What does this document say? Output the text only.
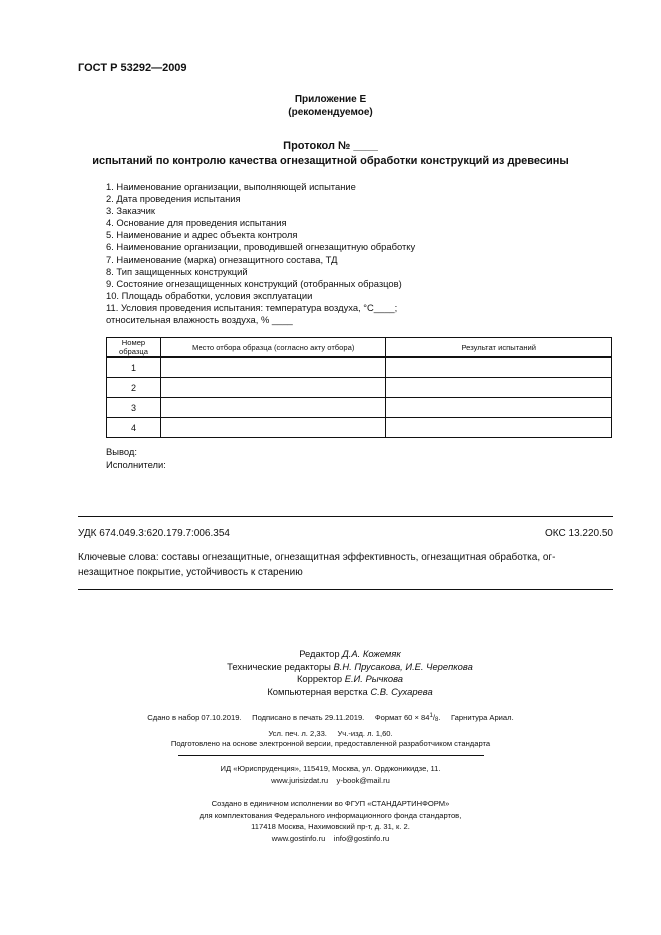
ГОСТ Р 53292—2009
Приложение Е
(рекомендуемое)
Протокол № ____
испытаний по контролю качества огнезащитной обработки конструкций из древесины
1. Наименование организации, выполняющей испытание
2. Дата проведения испытания
3. Заказчик
4. Основание для проведения испытания
5. Наименование и адрес объекта контроля
6. Наименование организации, проводившей огнезащитную обработку
7. Наименование (марка) огнезащитного состава, ТД
8. Тип защищенных конструкций
9. Состояние огнезащищенных конструкций (отобранных образцов)
10. Площадь обработки, условия эксплуатации
11. Условия проведения испытания: температура воздуха, °С____;
относительная влажность воздуха, % ____
Номер образца	Место отбора образца (согласно акту отбора)	Результат испытаний
1		
2		
3		
4		
Вывод:
Исполнители:
УДК 674.049.3:620.179.7:006.354	ОКС 13.220.50
Ключевые слова: составы огнезащитные, огнезащитная эффективность, огнезащитная обработка, ог-
незащитное покрытие, устойчивость к старению
Редактор Д.А. Кожемяк
Технические редакторы В.Н. Прусакова, И.Е. Черепкова
Корректор Е.И. Рычкова
Компьютерная верстка С.В. Сухарева
Сдано в набор 07.10.2019. Подписано в печать 29.11.2019. Формат $60 \times 84^1/8$. Гарнитура Ариал.
Усл. печ. л. 2,33.     Уч.-изд. л. 1,60.
Подготовлено на основе электронной версии, предоставленной разработчиком стандарта
ИД «Юриспруденция», 115419, Москва, ул. Орджоникидзе, 11.
www.jurisizdat.ru    y-book@mail.ru
Создано в единичном исполнении во ФГУП «СТАНДАРТИНФОРМ»
для комплектования Федерального информационного фонда стандартов,
117418 Москва, Нахимовский пр-т, д. 31, к. 2.
www.gostinfo.ru    info@gostinfo.ru
